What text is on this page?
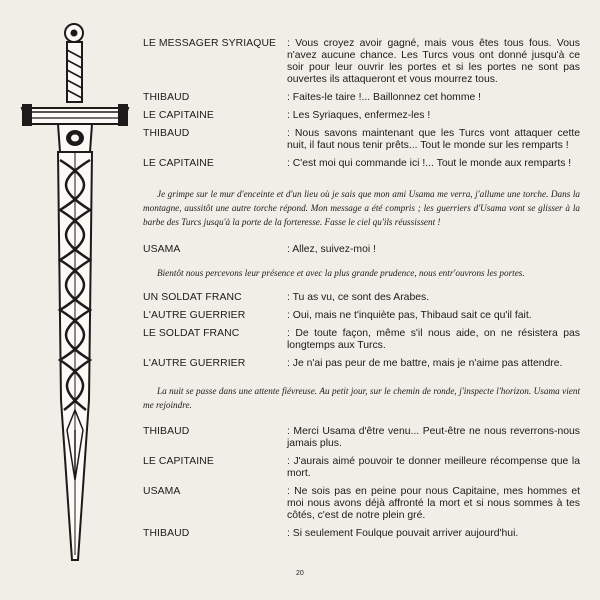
LE MESSAGER SYRIAQUE	: Vous croyez avoir gagné, mais vous êtes tous fous. Vous n'avez aucune chance. Les Turcs vous ont donné jusqu'à ce soir pour leur ouvrir les portes et si les portes ne sont pas ouvertes ils attaqueront et vous mourrez tous.
THIBAUD	: Faites-le taire !... Baillonnez cet homme !
LE CAPITAINE	: Les Syriaques, enfermez-les !
THIBAUD	: Nous savons maintenant que les Turcs vont attaquer cette nuit, il faut nous tenir prêts... Tout le monde sur les remparts !
LE CAPITAINE	: C'est moi qui commande ici !... Tout le monde aux remparts !

Je grimpe sur le mur d'enceinte et d'un lieu où je sais que mon ami Usama me verra, j'allume une torche. Dans la montagne, aussitôt une autre torche répond. Mon message a été compris ; les guerriers d'Usama vont se glisser à la barbe des Turcs jusqu'à la porte de la forteresse. Fasse le ciel qu'ils réussissent !

USAMA	: Allez, suivez-moi !

Bientôt nous percevons leur présence et avec la plus grande prudence, nous entr'ouvrons les portes.

UN SOLDAT FRANC	: Tu as vu, ce sont des Arabes.
L'AUTRE GUERRIER	: Oui, mais ne t'inquiète pas, Thibaud sait ce qu'il fait.
LE SOLDAT FRANC	: De toute façon, même s'il nous aide, on ne résistera pas longtemps aux Turcs.
L'AUTRE GUERRIER	: Je n'ai pas peur de me battre, mais je n'aime pas attendre.

La nuit se passe dans une attente fiévreuse. Au petit jour, sur le chemin de ronde, j'inspecte l'horizon. Usama vient me rejoindre.

THIBAUD	: Merci Usama d'être venu... Peut-être ne nous reverrons-nous jamais plus.
LE CAPITAINE	: J'aurais aimé pouvoir te donner meilleure récompense que la mort.
USAMA	: Ne sois pas en peine pour nous Capitaine, mes hommes et moi nous avons déjà affronté la mort et si nous sommes à tes côtés, c'est de notre plein gré.
THIBAUD	: Si seulement Foulque pouvait arriver aujourd'hui.
20
